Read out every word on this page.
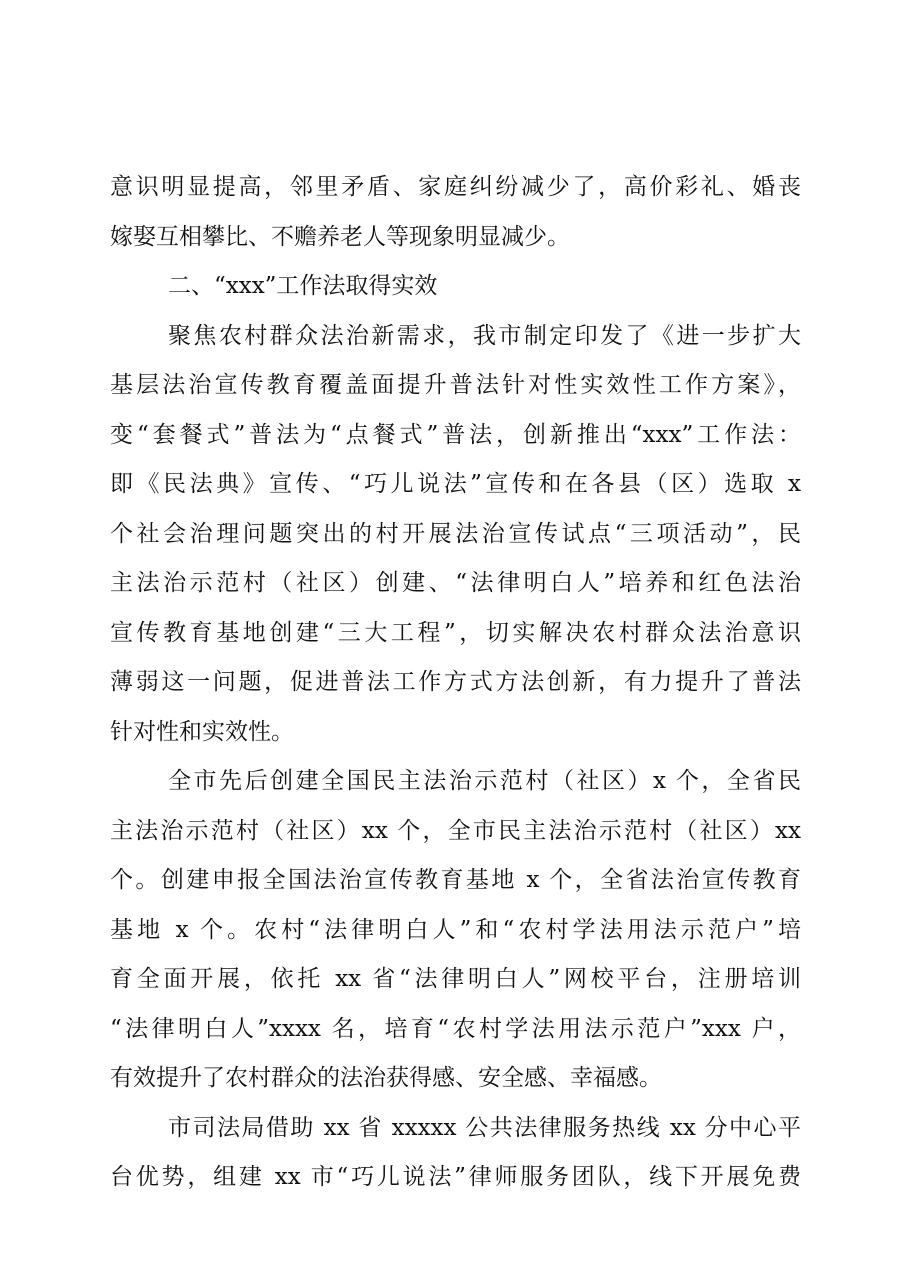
意识明显提高，邻里矛盾、家庭纠纷减少了，高价彩礼、婚丧
嫁娶互相攀比、不赡养老人等现象明显减少。
二、“xxx”工作法取得实效
聚焦农村群众法治新需求，我市制定印发了《进一步扩大
基层法治宣传教育覆盖面提升普法针对性实效性工作方案》，
变“套餐式”普法为“点餐式”普法，创新推出“xxx”工作法：
即《民法典》宣传、“巧儿说法”宣传和在各县（区）选取 x
个社会治理问题突出的村开展法治宣传试点“三项活动”，民
主法治示范村（社区）创建、“法律明白人”培养和红色法治
宣传教育基地创建“三大工程”，切实解决农村群众法治意识
薄弱这一问题，促进普法工作方式方法创新，有力提升了普法
针对性和实效性。
全市先后创建全国民主法治示范村（社区）x 个，全省民
主法治示范村（社区）xx 个，全市民主法治示范村（社区）xx
个。创建申报全国法治宣传教育基地 x 个，全省法治宣传教育
基地 x 个。农村“法律明白人”和“农村学法用法示范户”培
育全面开展，依托 xx 省“法律明白人”网校平台，注册培训
“法律明白人”xxxx 名，培育“农村学法用法示范户”xxx 户，
有效提升了农村群众的法治获得感、安全感、幸福感。
市司法局借助 xx 省 xxxxx 公共法律服务热线 xx 分中心平
台优势，组建 xx 市“巧儿说法”律师服务团队，线下开展免费
